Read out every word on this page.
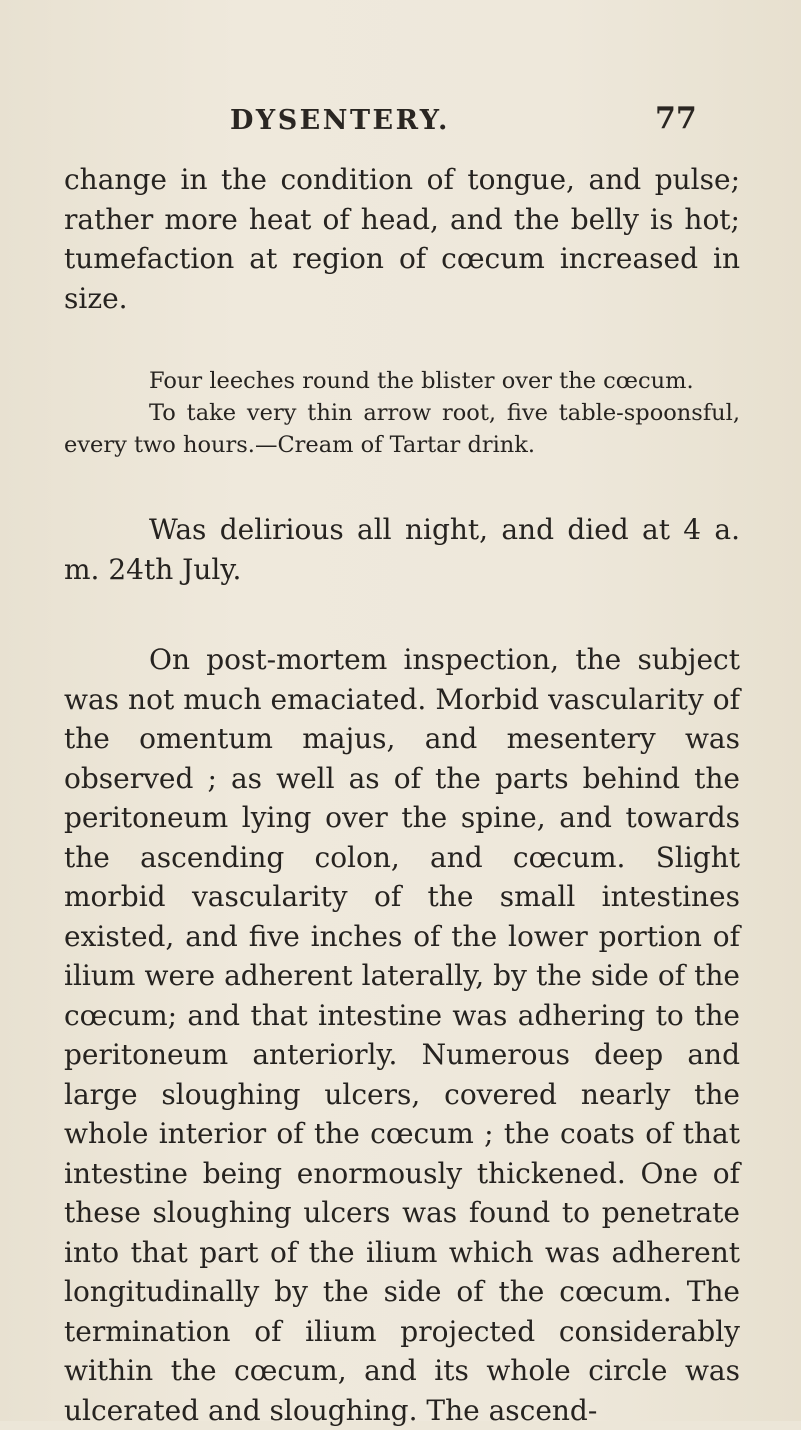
DYSENTERY.	77

change in the condition of tongue, and pulse; rather more heat of head, and the belly is hot; tumefaction at region of cœcum increased in size.

Four leeches round the blister over the cœcum.

To take very thin arrow root, five table-spoonsful, every two hours.—Cream of Tartar drink.

Was delirious all night, and died at 4 a. m. 24th July.

On post-mortem inspection, the subject was not much emaciated. Morbid vascularity of the omentum majus, and mesentery was observed ; as well as of the parts behind the peritoneum lying over the spine, and towards the ascending colon, and cœcum. Slight morbid vascularity of the small intestines existed, and five inches of the lower portion of ilium were adherent laterally, by the side of the cœcum; and that intestine was adhering to the peritoneum anteriorly. Numerous deep and large sloughing ulcers, covered nearly the whole interior of the cœcum ; the coats of that intestine being enormously thickened. One of these sloughing ulcers was found to penetrate into that part of the ilium which was adherent longitudinally by the side of the cœcum. The termination of ilium projected considerably within the cœcum, and its whole circle was ulcerated and sloughing. The ascend-
